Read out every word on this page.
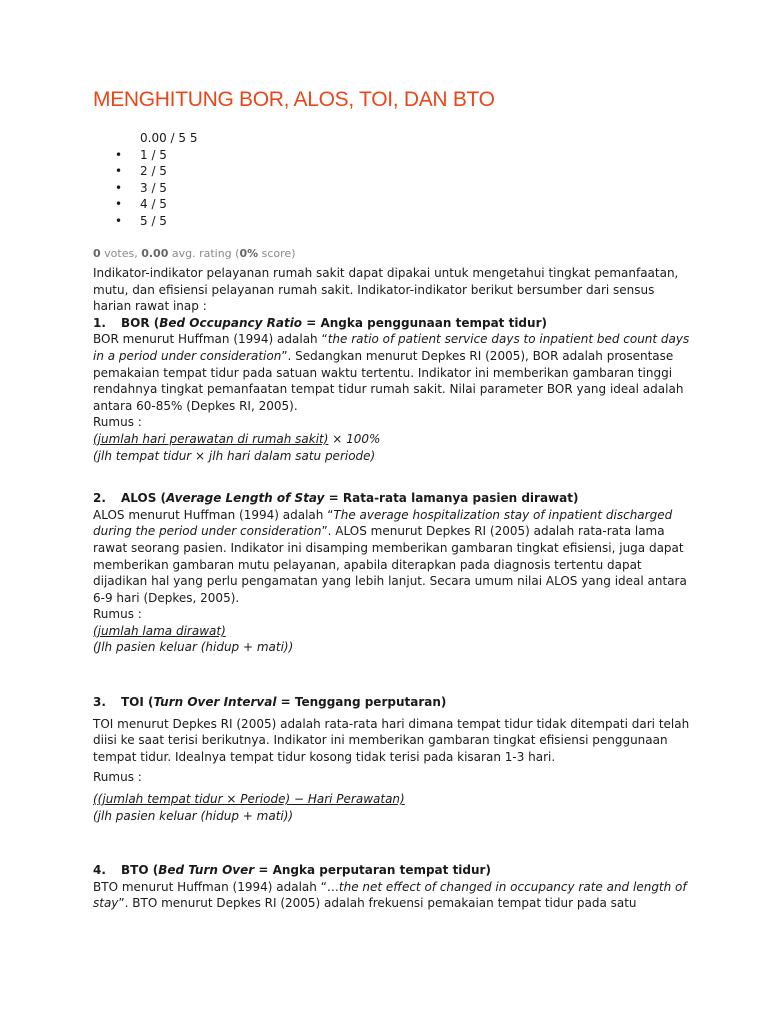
MENGHITUNG BOR, ALOS, TOI, DAN BTO
0.00 / 5 5
• 1 / 5
• 2 / 5
• 3 / 5
• 4 / 5
• 5 / 5
0 votes, 0.00 avg. rating (0% score)

Indikator-indikator pelayanan rumah sakit dapat dipakai untuk mengetahui tingkat pemanfaatan, mutu, dan efisiensi pelayanan rumah sakit. Indikator-indikator berikut bersumber dari sensus harian rawat inap :

1. BOR (Bed Occupancy Ratio = Angka penggunaan tempat tidur)

BOR menurut Huffman (1994) adalah “the ratio of patient service days to inpatient bed count days in a period under consideration”. Sedangkan menurut Depkes RI (2005), BOR adalah prosentase pemakaian tempat tidur pada satuan waktu tertentu. Indikator ini memberikan gambaran tinggi rendahnya tingkat pemanfaatan tempat tidur rumah sakit. Nilai parameter BOR yang ideal adalah antara 60-85% (Depkes RI, 2005).

Rumus :

(jumlah hari perawatan di rumah sakit) × 100%

(jlh tempat tidur × jlh hari dalam satu periode)

2. ALOS (Average Length of Stay = Rata-rata lamanya pasien dirawat)

ALOS menurut Huffman (1994) adalah “The average hospitalization stay of inpatient discharged during the period under consideration”. ALOS menurut Depkes RI (2005) adalah rata-rata lama rawat seorang pasien. Indikator ini disamping memberikan gambaran tingkat efisiensi, juga dapat memberikan gambaran mutu pelayanan, apabila diterapkan pada diagnosis tertentu dapat dijadikan hal yang perlu pengamatan yang lebih lanjut. Secara umum nilai ALOS yang ideal antara 6-9 hari (Depkes, 2005).

Rumus :

(jumlah lama dirawat)

(Jlh pasien keluar (hidup + mati))

3. TOI (Turn Over Interval = Tenggang perputaran)

TOI menurut Depkes RI (2005) adalah rata-rata hari dimana tempat tidur tidak ditempati dari telah diisi ke saat terisi berikutnya. Indikator ini memberikan gambaran tingkat efisiensi penggunaan tempat tidur. Idealnya tempat tidur kosong tidak terisi pada kisaran 1-3 hari.

Rumus :

((jumlah tempat tidur × Periode) − Hari Perawatan)

(jlh pasien keluar (hidup + mati))

4. BTO (Bed Turn Over = Angka perputaran tempat tidur)

BTO menurut Huffman (1994) adalah “…the net effect of changed in occupancy rate and length of stay”. BTO menurut Depkes RI (2005) adalah frekuensi pemakaian tempat tidur pada satu
